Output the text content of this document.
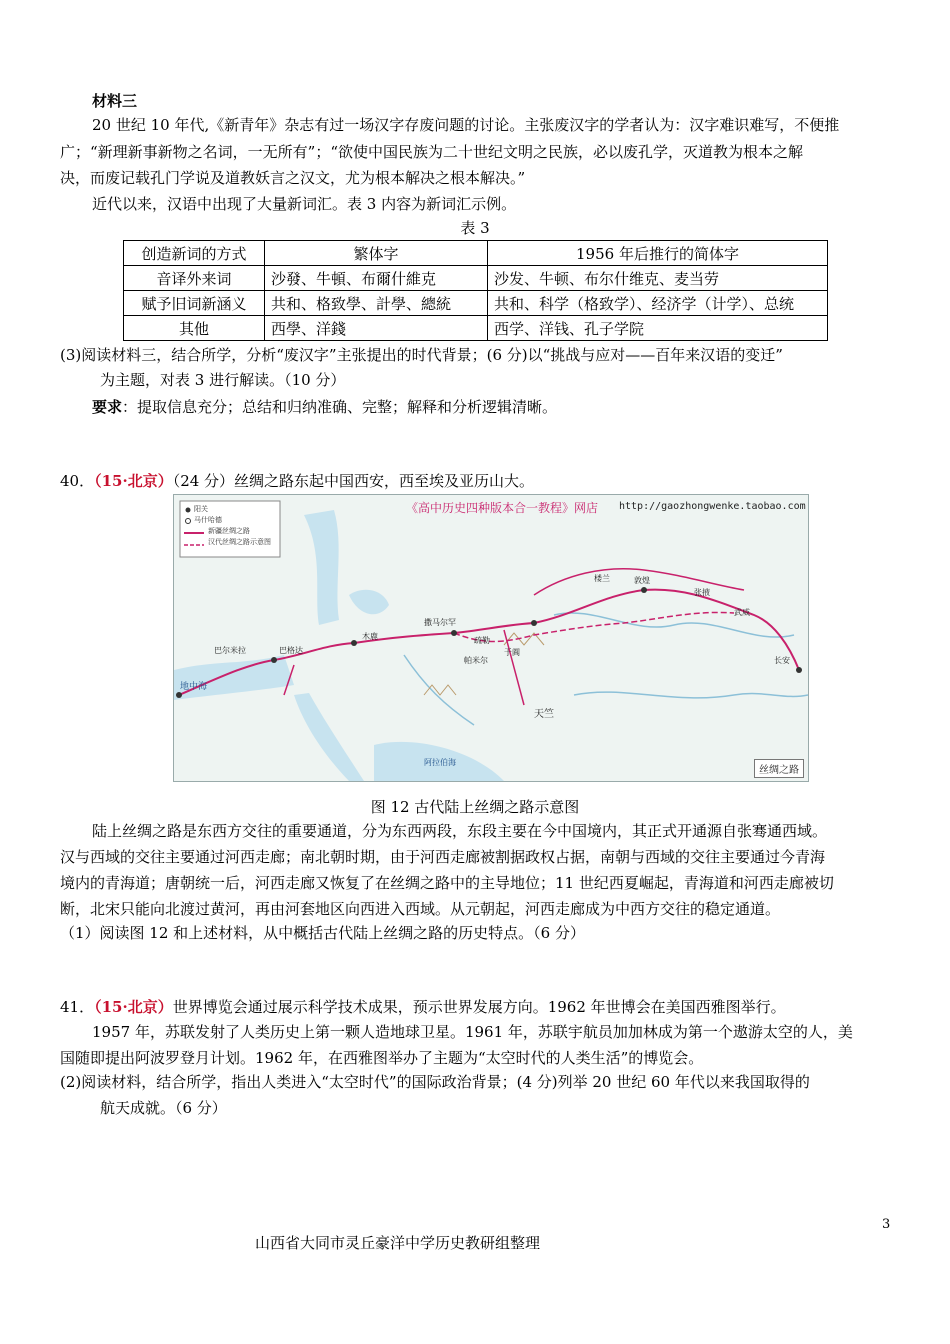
材料三
20 世纪 10 年代,《新青年》杂志有过一场汉字存废问题的讨论。主张废汉字的学者认为：汉字难识难写，不便推
广；“新理新事新物之名词，一无所有”；“欲使中国民族为二十世纪文明之民族，必以废孔学，灭道教为根本之解
决，而废记载孔门学说及道教妖言之汉文，尤为根本解决之根本解决。”
近代以来，汉语中出现了大量新词汇。表 3 内容为新词汇示例。
表 3
创造新词的方式	繁体字	1956 年后推行的简体字
音译外来词	沙發、牛頓、布爾什維克	沙发、牛顿、布尔什维克、麦当劳
赋予旧词新涵义	共和、格致學、計學、總統	共和、科学（格致学）、经济学（计学）、总统
其他	西學、洋錢	西学、洋钱、孔子学院
(3)阅读材料三，结合所学，分析“废汉字”主张提出的时代背景；(6 分)以“挑战与应对——百年来汉语的变迁”
为主题，对表 3 进行解读。（10 分）
要求：提取信息充分；总结和归纳准确、完整；解释和分析逻辑清晰。
40．（15·北京）（24 分）丝绸之路东起中国西安，西至埃及亚历山大。
阳关
马什哈德
新疆丝绸之路
汉代丝绸之路示意图
《高中历史四种版本合一教程》网店 http://gaozhongwenke.taobao.com
地中海
巴尔米拉	巴格达
木鹿
撒马尔罕
疏勒
于阗
楼兰	敦煌
张掖
武威
长安
帕米尔
天竺
阿拉伯海
丝绸之路
图 12 古代陆上丝绸之路示意图
陆上丝绸之路是东西方交往的重要通道，分为东西两段，东段主要在今中国境内，其正式开通源自张骞通西域。
汉与西域的交往主要通过河西走廊；南北朝时期，由于河西走廊被割据政权占据，南朝与西域的交往主要通过今青海
境内的青海道；唐朝统一后，河西走廊又恢复了在丝绸之路中的主导地位；11 世纪西夏崛起，青海道和河西走廊被切
断，北宋只能向北渡过黄河，再由河套地区向西进入西域。从元朝起，河西走廊成为中西方交往的稳定通道。
（1）阅读图 12 和上述材料，从中概括古代陆上丝绸之路的历史特点。（6 分）
41．（15·北京）世界博览会通过展示科学技术成果，预示世界发展方向。1962 年世博会在美国西雅图举行。
1957 年，苏联发射了人类历史上第一颗人造地球卫星。1961 年，苏联宇航员加加林成为第一个遨游太空的人，美
国随即提出阿波罗登月计划。1962 年，在西雅图举办了主题为“太空时代的人类生活”的博览会。
(2)阅读材料，结合所学，指出人类进入“太空时代”的国际政治背景；(4 分)列举 20 世纪 60 年代以来我国取得的
航天成就。（6 分）
3
山西省大同市灵丘豪洋中学历史教研组整理
